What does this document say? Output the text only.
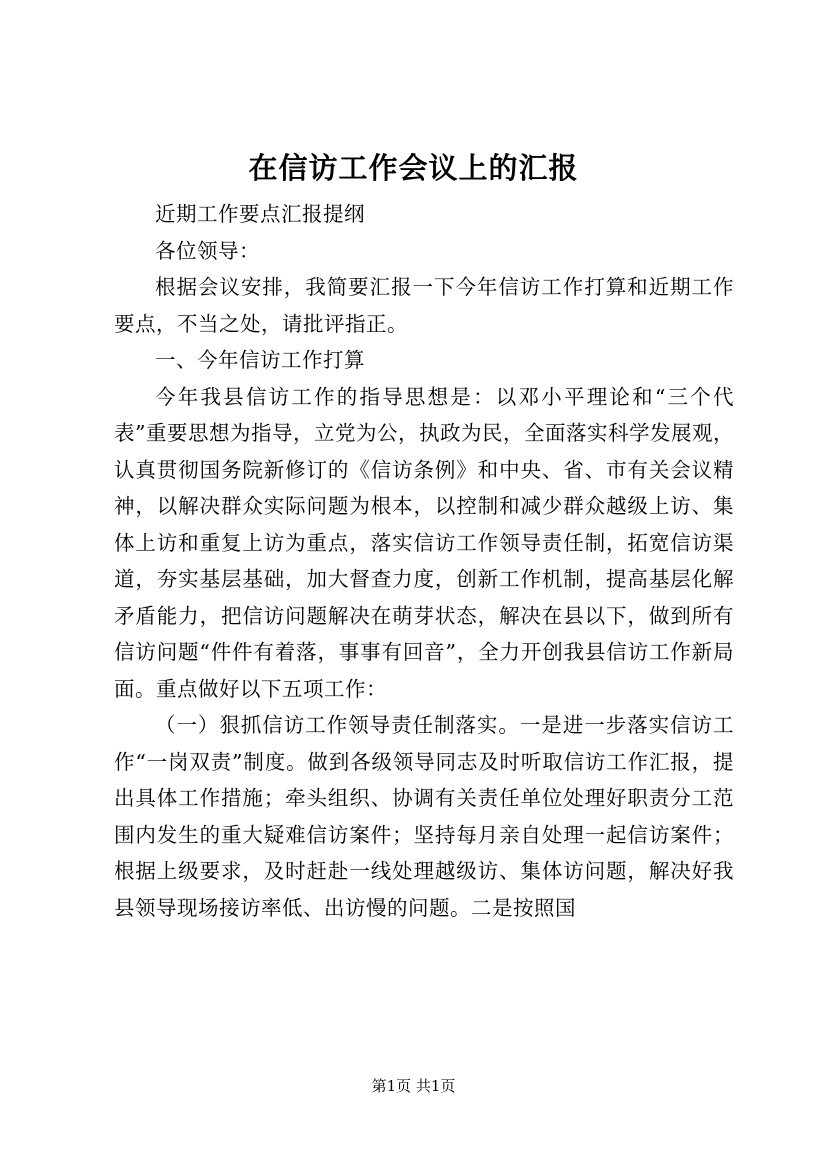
在信访工作会议上的汇报

近期工作要点汇报提纲

各位领导：

根据会议安排，我简要汇报一下今年信访工作打算和近期工作要点，不当之处，请批评指正。

一、今年信访工作打算

今年我县信访工作的指导思想是：以邓小平理论和“三个代表”重要思想为指导，立党为公，执政为民，全面落实科学发展观，认真贯彻国务院新修订的《信访条例》和中央、省、市有关会议精神，以解决群众实际问题为根本，以控制和减少群众越级上访、集体上访和重复上访为重点，落实信访工作领导责任制，拓宽信访渠道，夯实基层基础，加大督查力度，创新工作机制，提高基层化解矛盾能力，把信访问题解决在萌芽状态，解决在县以下，做到所有信访问题“件件有着落，事事有回音”，全力开创我县信访工作新局面。重点做好以下五项工作：

（一）狠抓信访工作领导责任制落实。一是进一步落实信访工作“一岗双责”制度。做到各级领导同志及时听取信访工作汇报，提出具体工作措施；牵头组织、协调有关责任单位处理好职责分工范围内发生的重大疑难信访案件；坚持每月亲自处理一起信访案件；根据上级要求，及时赶赴一线处理越级访、集体访问题，解决好我县领导现场接访率低、出访慢的问题。二是按照国

第1页 共1页
